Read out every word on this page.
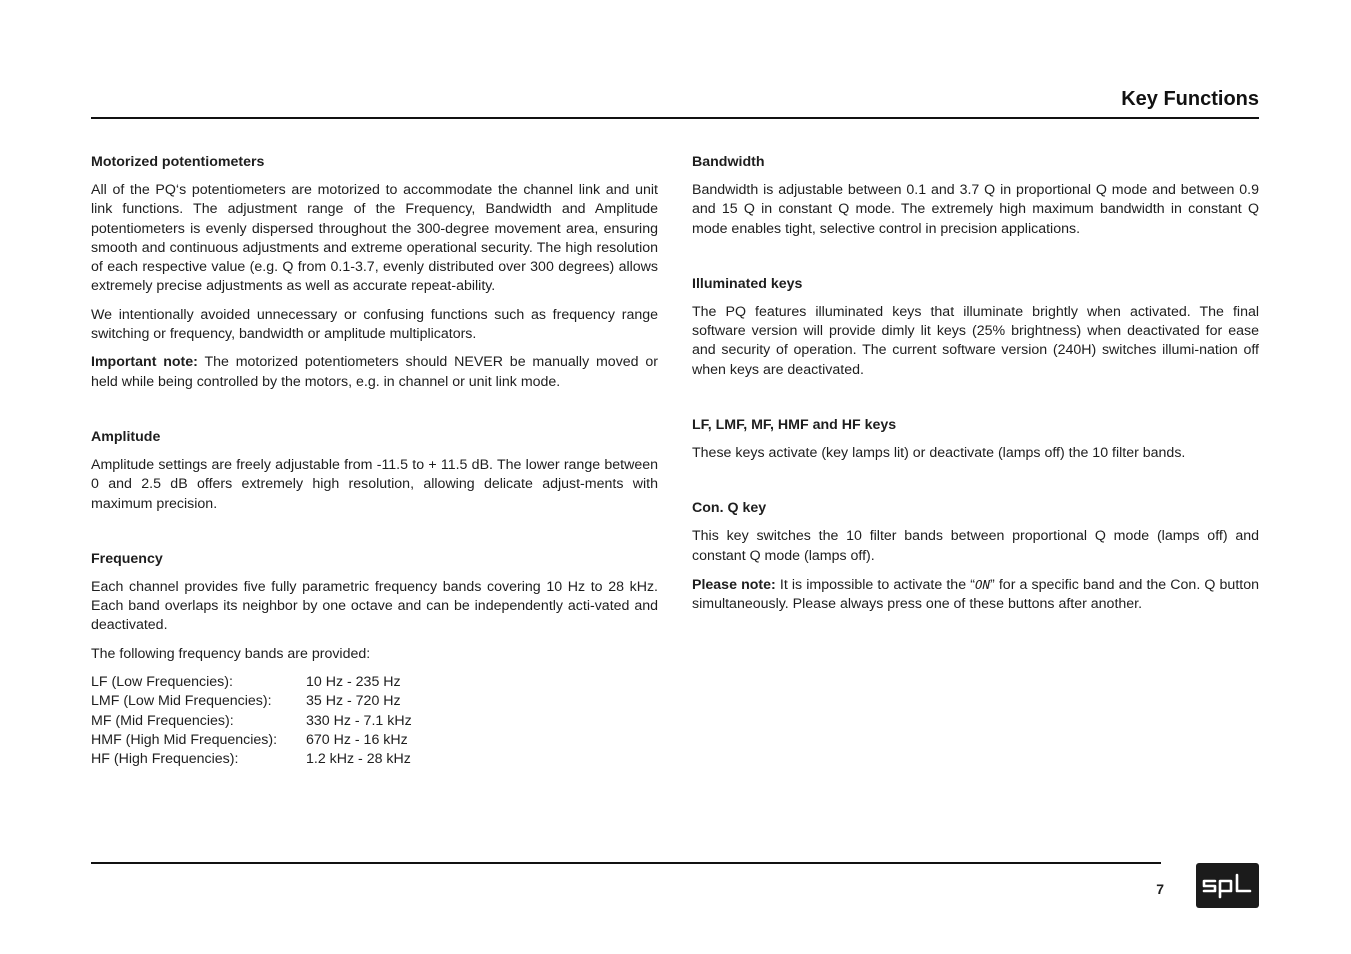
Key Functions
Motorized potentiometers

All of the PQ‘s potentiometers are motorized to accommodate the channel link and unit link functions. The adjustment range of the Frequency, Bandwidth and Amplitude potentiometers is evenly dispersed throughout the 300-degree movement area, ensuring smooth and continuous adjustments and extreme operational security. The high resolution of each respective value (e.g. Q from 0.1-3.7, evenly distributed over 300 degrees) allows extremely precise adjustments as well as accurate repeat-ability.

We intentionally avoided unnecessary or confusing functions such as frequency range switching or frequency, bandwidth or amplitude multiplicators.

Important note: The motorized potentiometers should NEVER be manually moved or held while being controlled by the motors, e.g. in channel or unit link mode.

Amplitude

Amplitude settings are freely adjustable from -11.5 to + 11.5 dB. The lower range between 0 and 2.5 dB offers extremely high resolution, allowing delicate adjust-ments with maximum precision.

Frequency

Each channel provides five fully parametric frequency bands covering 10 Hz to 28 kHz. Each band overlaps its neighbor by one octave and can be independently acti-vated and deactivated.

The following frequency bands are provided:

LF (Low Frequencies):	10 Hz - 235 Hz
LMF (Low Mid Frequencies):	35 Hz - 720 Hz
MF (Mid Frequencies):	330 Hz - 7.1 kHz
HMF (High Mid Frequencies):	670 Hz - 16 kHz
HF (High Frequencies):	1.2 kHz - 28 kHz
Bandwidth

Bandwidth is adjustable between 0.1 and 3.7 Q in proportional Q mode and between 0.9 and 15 Q in constant Q mode. The extremely high maximum bandwidth in constant Q mode enables tight, selective control in precision applications.

Illuminated keys

The PQ features illuminated keys that illuminate brightly when activated. The final software version will provide dimly lit keys (25% brightness) when deactivated for ease and security of operation. The current software version (240H) switches illumi-nation off when keys are deactivated.

LF, LMF, MF, HMF and HF keys

These keys activate (key lamps lit) or deactivate (lamps off) the 10 filter bands.

Con. Q key

This key switches the 10 filter bands between proportional Q mode (lamps off) and constant Q mode (lamps off).

Please note: It is impossible to activate the “ON” for a specific band and the Con. Q button simultaneously. Please always press one of these buttons after another.

7
